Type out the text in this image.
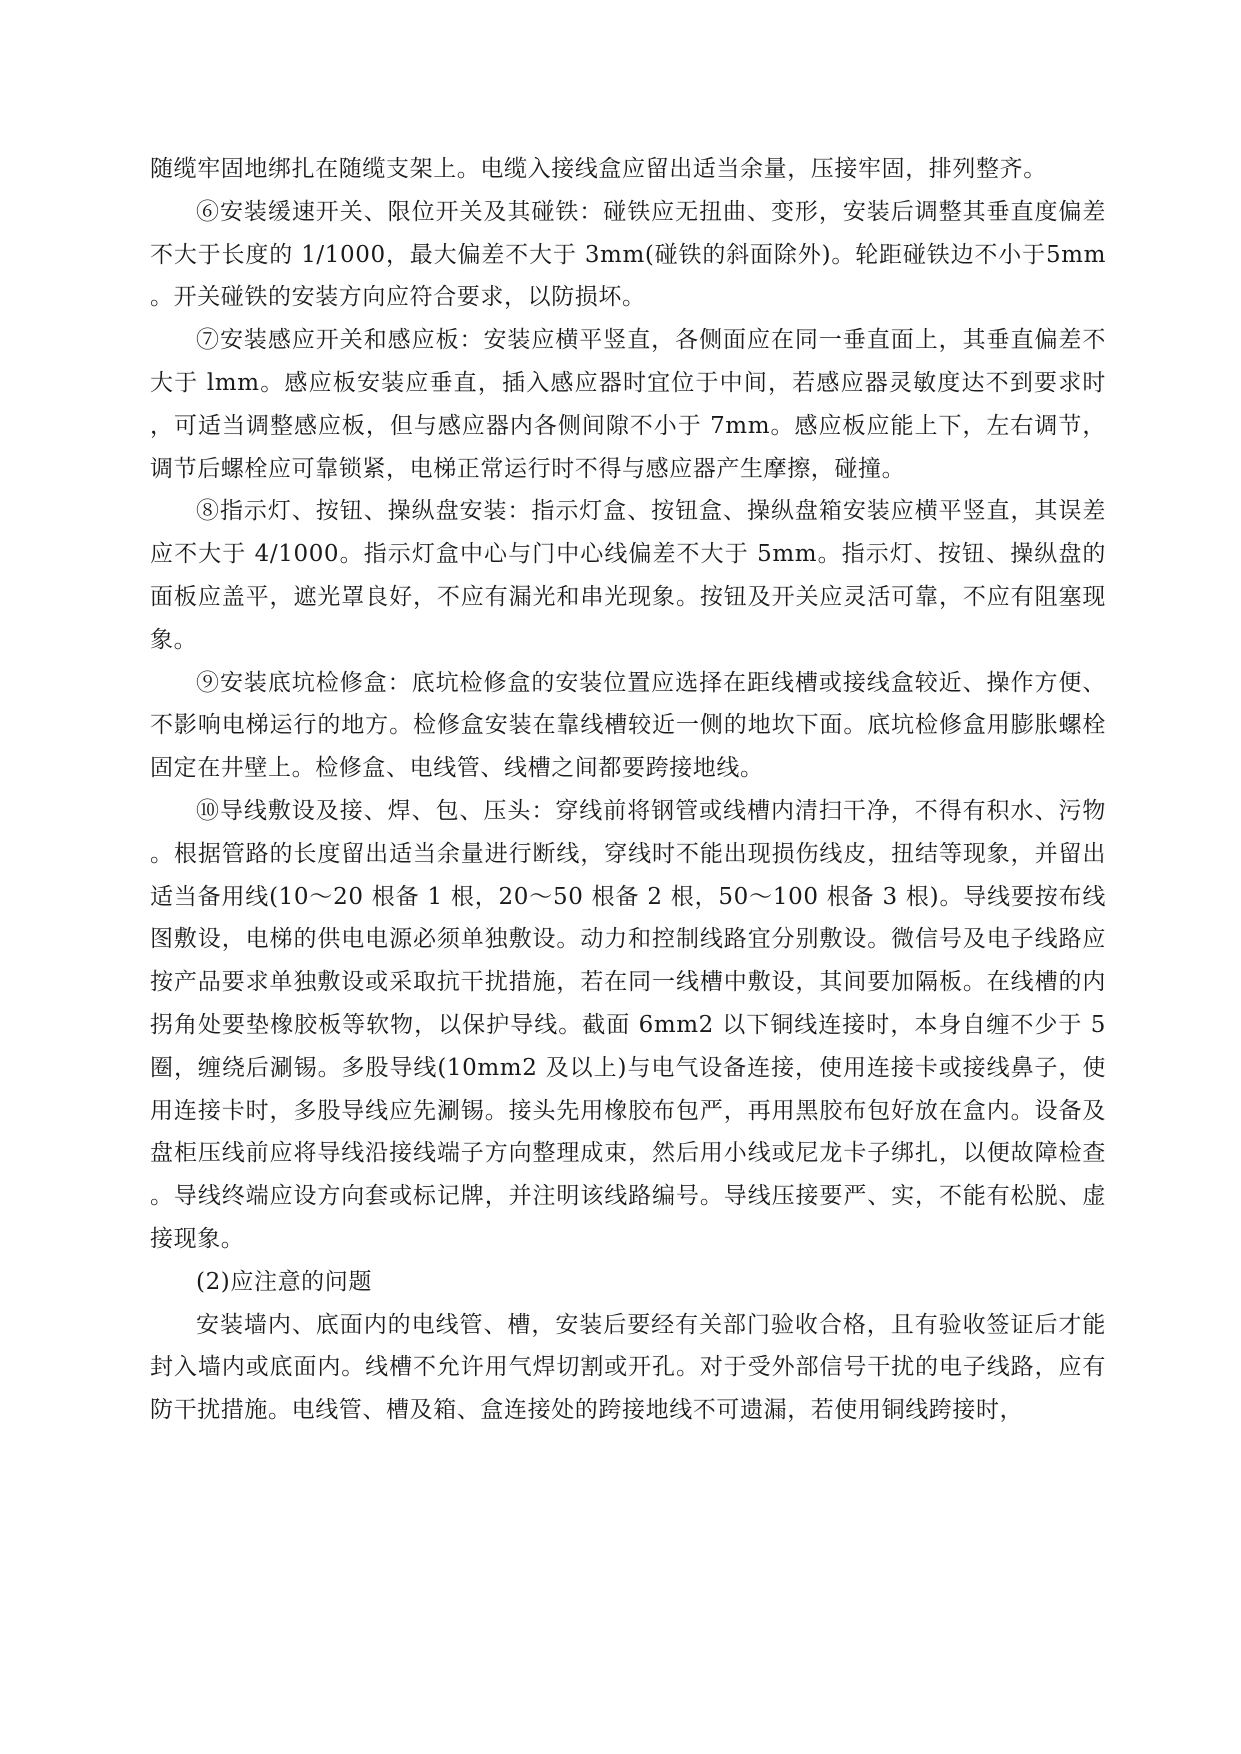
随缆牢固地绑扎在随缆支架上。电缆入接线盒应留出适当余量，压接牢固，排列整齐。

⑥安装缓速开关、限位开关及其碰铁：碰铁应无扭曲、变形，安装后调整其垂直度偏差不大于长度的 1/1000，最大偏差不大于 3mm(碰铁的斜面除外)。轮距碰铁边不小于5mm。开关碰铁的安装方向应符合要求，以防损坏。

⑦安装感应开关和感应板：安装应横平竖直，各侧面应在同一垂直面上，其垂直偏差不大于 lmm。感应板安装应垂直，插入感应器时宜位于中间，若感应器灵敏度达不到要求时，可适当调整感应板，但与感应器内各侧间隙不小于 7mm。感应板应能上下，左右调节，调节后螺栓应可靠锁紧，电梯正常运行时不得与感应器产生摩擦，碰撞。

⑧指示灯、按钮、操纵盘安装：指示灯盒、按钮盒、操纵盘箱安装应横平竖直，其误差应不大于 4/1000。指示灯盒中心与门中心线偏差不大于 5mm。指示灯、按钮、操纵盘的面板应盖平，遮光罩良好，不应有漏光和串光现象。按钮及开关应灵活可靠，不应有阻塞现象。

⑨安装底坑检修盒：底坑检修盒的安装位置应选择在距线槽或接线盒较近、操作方便、不影响电梯运行的地方。检修盒安装在靠线槽较近一侧的地坎下面。底坑检修盒用膨胀螺栓固定在井壁上。检修盒、电线管、线槽之间都要跨接地线。

⑩导线敷设及接、焊、包、压头：穿线前将钢管或线槽内清扫干净，不得有积水、污物。根据管路的长度留出适当余量进行断线，穿线时不能出现损伤线皮，扭结等现象，并留出适当备用线(10～20 根备 1 根，20～50 根备 2 根，50～100 根备 3 根)。导线要按布线图敷设，电梯的供电电源必须单独敷设。动力和控制线路宜分别敷设。微信号及电子线路应按产品要求单独敷设或采取抗干扰措施，若在同一线槽中敷设，其间要加隔板。在线槽的内拐角处要垫橡胶板等软物，以保护导线。截面 6mm2 以下铜线连接时，本身自缠不少于 5 圈，缠绕后涮锡。多股导线(10mm2 及以上)与电气设备连接，使用连接卡或接线鼻子，使用连接卡时，多股导线应先涮锡。接头先用橡胶布包严，再用黑胶布包好放在盒内。设备及盘柜压线前应将导线沿接线端子方向整理成束，然后用小线或尼龙卡子绑扎，以便故障检查。导线终端应设方向套或标记牌，并注明该线路编号。导线压接要严、实，不能有松脱、虚接现象。

(2)应注意的问题

安装墙内、底面内的电线管、槽，安装后要经有关部门验收合格，且有验收签证后才能封入墙内或底面内。线槽不允许用气焊切割或开孔。对于受外部信号干扰的电子线路，应有防干扰措施。电线管、槽及箱、盒连接处的跨接地线不可遗漏，若使用铜线跨接时，
